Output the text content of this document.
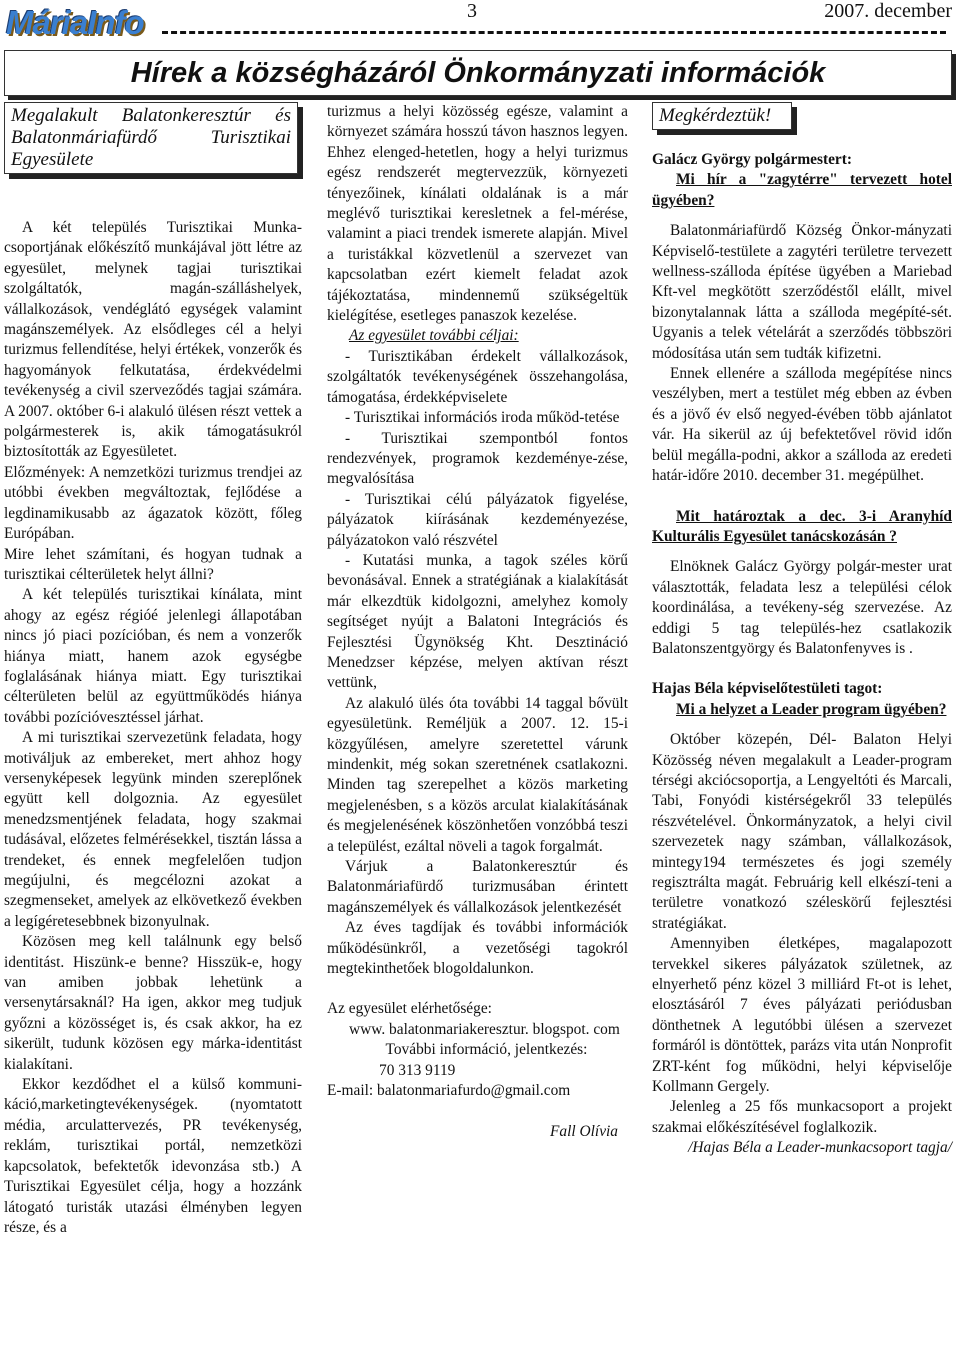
MáriaInfo	3	2007. december
Hírek a községházáról Önkormányzati információk
Megalakult Balatonkeresztúr és Balatonmáriafürdő Turisztikai Egyesülete

A két település Turisztikai Munka-csoportjának előkészítő munkájával jött létre az egyesület, melynek tagjai turisztikai szolgáltatók, magán-szálláshelyek, vállalkozások, vendéglátó egységek valamint magánszemélyek. Az elsődleges cél a helyi turizmus fellendítése, helyi értékek, vonzerők és hagyományok felkutatása, érdekvédelmi tevékenység a civil szerveződés tagjai számára. A 2007. október 6-i alakuló ülésen részt vettek a polgármesterek is, akik támogatásukról biztosították az Egyesületet.

Előzmények: A nemzetközi turizmus trendjei az utóbbi években megváltoztak, fejlődése a legdinamikusabb az ágazatok között, főleg Európában.

Mire lehet számítani, és hogyan tudnak a turisztikai célterületek helyt állni?

A két település turisztikai kínálata, mint ahogy az egész régióé jelenlegi állapotában nincs jó piaci pozícióban, és nem a vonzerők hiánya miatt, hanem azok egységbe foglalásának hiánya miatt. Egy turisztikai célterületen belül az együttműködés hiánya további pozícióvesztéssel járhat.

A mi turisztikai szervezetünk feladata, hogy motiváljuk az embereket, mert ahhoz hogy versenyképesek legyünk minden szereplőnek együtt kell dolgoznia. Az egyesület menedzsmentjének feladata, hogy szakmai tudásával, előzetes felmérésekkel, tisztán lássa a trendeket, és ennek megfelelően tudjon megújulni, és megcélozni azokat a szegmenseket, amelyek az elkövetkező években a legígéretesebbnek bizonyulnak.

Közösen meg kell találnunk egy belső identitást. Hiszünk-e benne? Hisszük-e, hogy van amiben jobbak lehetünk a versenytársaknál? Ha igen, akkor meg tudjuk győzni a közösséget is, és csak akkor, ha ez sikerült, tudunk közösen egy márka-identitást kialakítani.

Ekkor kezdődhet el a külső kommuni-káció,marketingtevékenységek. (nyomtatott média, arculattervezés, PR tevékenység, reklám, turisztikai portál, nemzetközi kapcsolatok, befektetők idevonzása stb.) A Turisztikai Egyesület célja, hogy a hozzánk látogató turisták utazási élményben legyen része, és a

turizmus a helyi közösség egésze, valamint a környezet számára hosszú távon hasznos legyen. Ehhez elenged-hetetlen, hogy a helyi turizmus egész rendszerét megtervezzük, környezeti tényezőinek, kínálati oldalának is a már meglévő turisztikai keresletnek a fel-mérése, valamint a piaci trendek ismerete alapján. Mivel a turistákkal közvetlenül a szervezet van kapcsolatban ezért kiemelt feladat azok tájékoztatása, mindennemű szükségeltük kielégítése, esetleges panaszok kezelése.

Az egyesület további céljai:

- Turisztikában érdekelt vállalkozások, szolgáltatók tevékenységének összehangolása, támogatása, érdekképviselete

- Turisztikai információs iroda működ-tetése

- Turisztikai szempontból fontos rendezvények, programok kezdeménye-zése, megvalósítása

- Turisztikai célú pályázatok figyelése, pályázatok kiírásának kezdeményezése, pályázatokon való részvétel

- Kutatási munka, a tagok széles körű bevonásával. Ennek a stratégiának a kialakítását már elkezdtük kidolgozni, amelyhez komoly segítséget nyújt a Balatoni Integrációs és Fejlesztési Ügynökség Kht. Desztináció Menedzser képzése, melyen aktívan részt vettünk,

Az alakuló ülés óta további 14 taggal bővült egyesületünk. Reméljük a 2007. 12. 15-i közgyűlésen, amelyre szeretettel várunk mindenkit, még sokan szeretnének csatlakozni. Minden tag szerepelhet a közös marketing megjelenésben, s a közös arculat kialakításának és megjelenésének köszönhetően vonzóbbá teszi a települést, ezáltal növeli a tagok forgalmát.

Várjuk a Balatonkeresztúr és Balatonmáriafürdő turizmusában érintett magánszemélyek és vállalkozások jelentkezését

Az éves tagdíjak és további információk működésünkről, a vezetőségi tagokról megtekinthetőek blogoldalunkon.

Az egyesület elérhetősége:

www. balatonmariakeresztur. blogspot. com

További információ, jelentkezés:

70 313 9119

E-mail: balatonmariafurdo@gmail.com

Fall Olívia

Megkérdeztük!

Galácz György polgármestert:

Mi hír a "zagytérre" tervezett hotel ügyében?

Balatonmáriafürdő Község Önkor-mányzati Képviselő-testülete a zagytéri területre tervezett wellness-szálloda építése ügyében a Mariebad Kft-vel megkötött szerződéstől elállt, mivel bizonytalannak látta a szálloda megépíté-sét. Ugyanis a telek vételárát a szerződés többszöri módosítása után sem tudták kifizetni.

Ennek ellenére a szálloda megépítése nincs veszélyben, mert a testület még ebben az évben és a jövő év első negyed-évében több ajánlatot vár. Ha sikerül az új befektetővel rövid időn belül megálla-podni, akkor a szálloda az eredeti határ-időre 2010. december 31. megépülhet.

Mit határoztak a dec. 3-i Aranyhíd Kulturális Egyesület tanácskozásán ?

Elnöknek Galácz György polgár-mester urat választották, feladata lesz a települési célok koordinálása, a tevékeny-ség szervezése. Az eddigi 5 tag település-hez csatlakozik Balatonszentgyörgy és Balatonfenyves is .

Hajas Béla képviselőtestületi tagot:

Mi a helyzet a Leader program ügyében?

Október közepén, Dél- Balaton Helyi Közösség néven megalakult a Leader-program térségi akciócsoportja, a Lengyeltóti és Marcali, Tabi, Fonyódi kistérségekről 33 település részvételével. Önkormányzatok, a helyi civil szervezetek nagy számban, vállalkozások, mintegy194 természetes és jogi személy regisztrálta magát. Februárig kell elkészí-teni a területre vonatkozó széleskörű fejlesztési stratégiákat.

Amennyiben életképes, magalapozott tervekkel sikeres pályázatok születnek, az elnyerhető pénz közel 3 milliárd Ft-ot is lehet, elosztásáról 7 éves pályázati periódusban dönthetnek A legutóbbi ülésen a szervezet formáról is döntöttek, parázs vita után Nonprofit ZRT-ként fog működni, helyi képviselője Kollmann Gergely.

Jelenleg a 25 fős munkacsoport a projekt szakmai előkészítésével foglalkozik.

/Hajas Béla a Leader-munkacsoport tagja/
